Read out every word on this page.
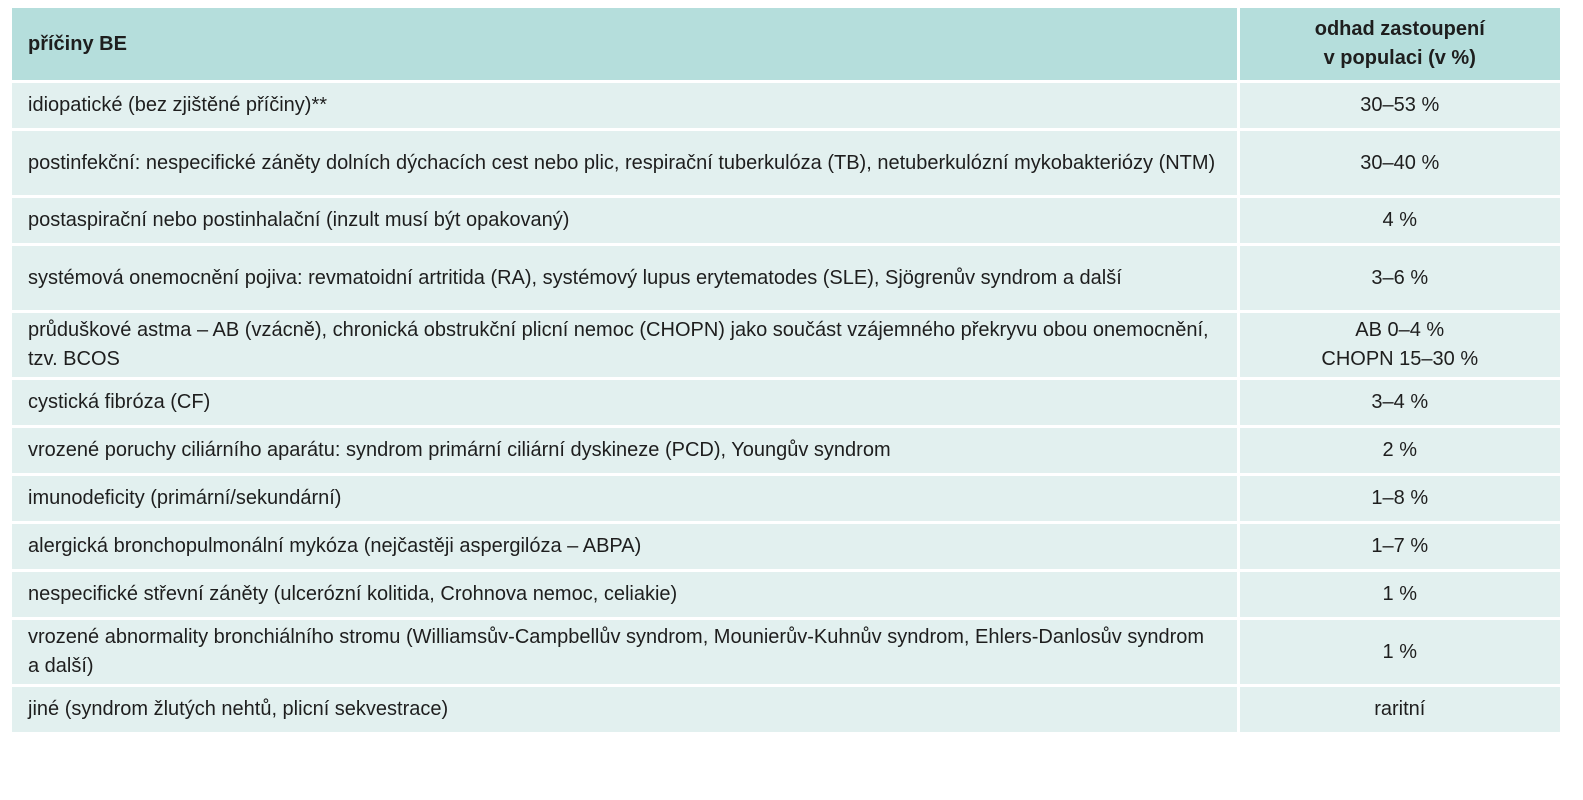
příčiny BE	odhad zastoupení
v populaci (v %)

idiopatické (bez zjištěné příčiny)**	30–53 %
postinfekční: nespecifické záněty dolních dýchacích cest nebo plic, respirační tuberkulóza (TB), netuberkulózní mykobakteriózy (NTM)	30–40 %
postaspirační nebo postinhalační (inzult musí být opakovaný)	4 %
systémová onemocnění pojiva: revmatoidní artritida (RA), systémový lupus erytematodes (SLE), Sjögrenův syndrom a další	3–6 %
průduškové astma – AB (vzácně), chronická obstrukční plicní nemoc (CHOPN) jako součást vzájemného překryvu obou onemocnění, tzv. BCOS	AB 0–4 %
CHOPN 15–30 %

cystická fibróza (CF)	3–4 %
vrozené poruchy ciliárního aparátu: syndrom primární ciliární dyskineze (PCD), Youngův syndrom	2 %
imunodeficity (primární/sekundární)	1–8 %
alergická bronchopulmonální mykóza (nejčastěji aspergilóza – ABPA)	1–7 %
nespecifické střevní záněty (ulcerózní kolitida, Crohnova nemoc, celiakie)	1 %
vrozené abnormality bronchiálního stromu (Williamsův-Campbellův syndrom, Mounierův-Kuhnův syndrom, Ehlers-Danlosův syndrom a další)	1 %
jiné (syndrom žlutých nehtů, plicní sekvestrace)	raritní
